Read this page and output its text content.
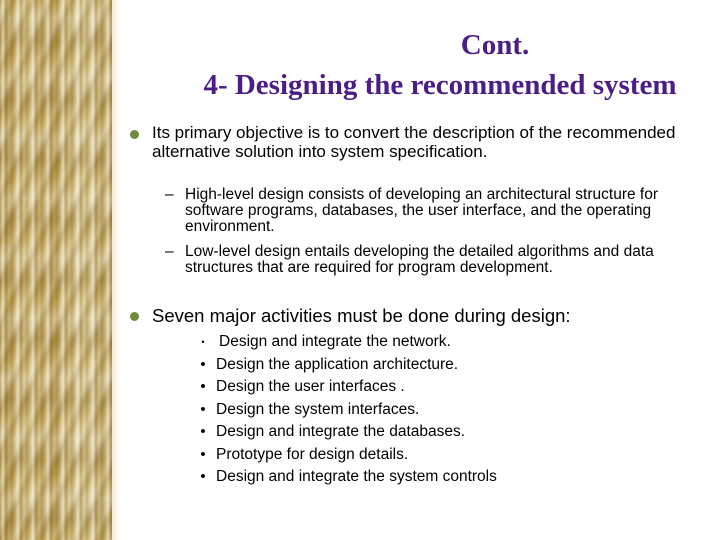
Cont.
4- Designing the recommended system
Its primary objective is to convert the description of the recommended alternative solution into system specification.
– High-level design consists of developing an architectural structure for software programs, databases, the user interface, and the operating environment.
– Low-level design entails developing the detailed algorithms and data structures that are required for program development.
Seven major activities must be done during design:
• Design and integrate the network.
• Design the application architecture.
• Design the user interfaces .
• Design the system interfaces.
• Design and integrate the databases.
• Prototype for design details.
• Design and integrate the system controls
